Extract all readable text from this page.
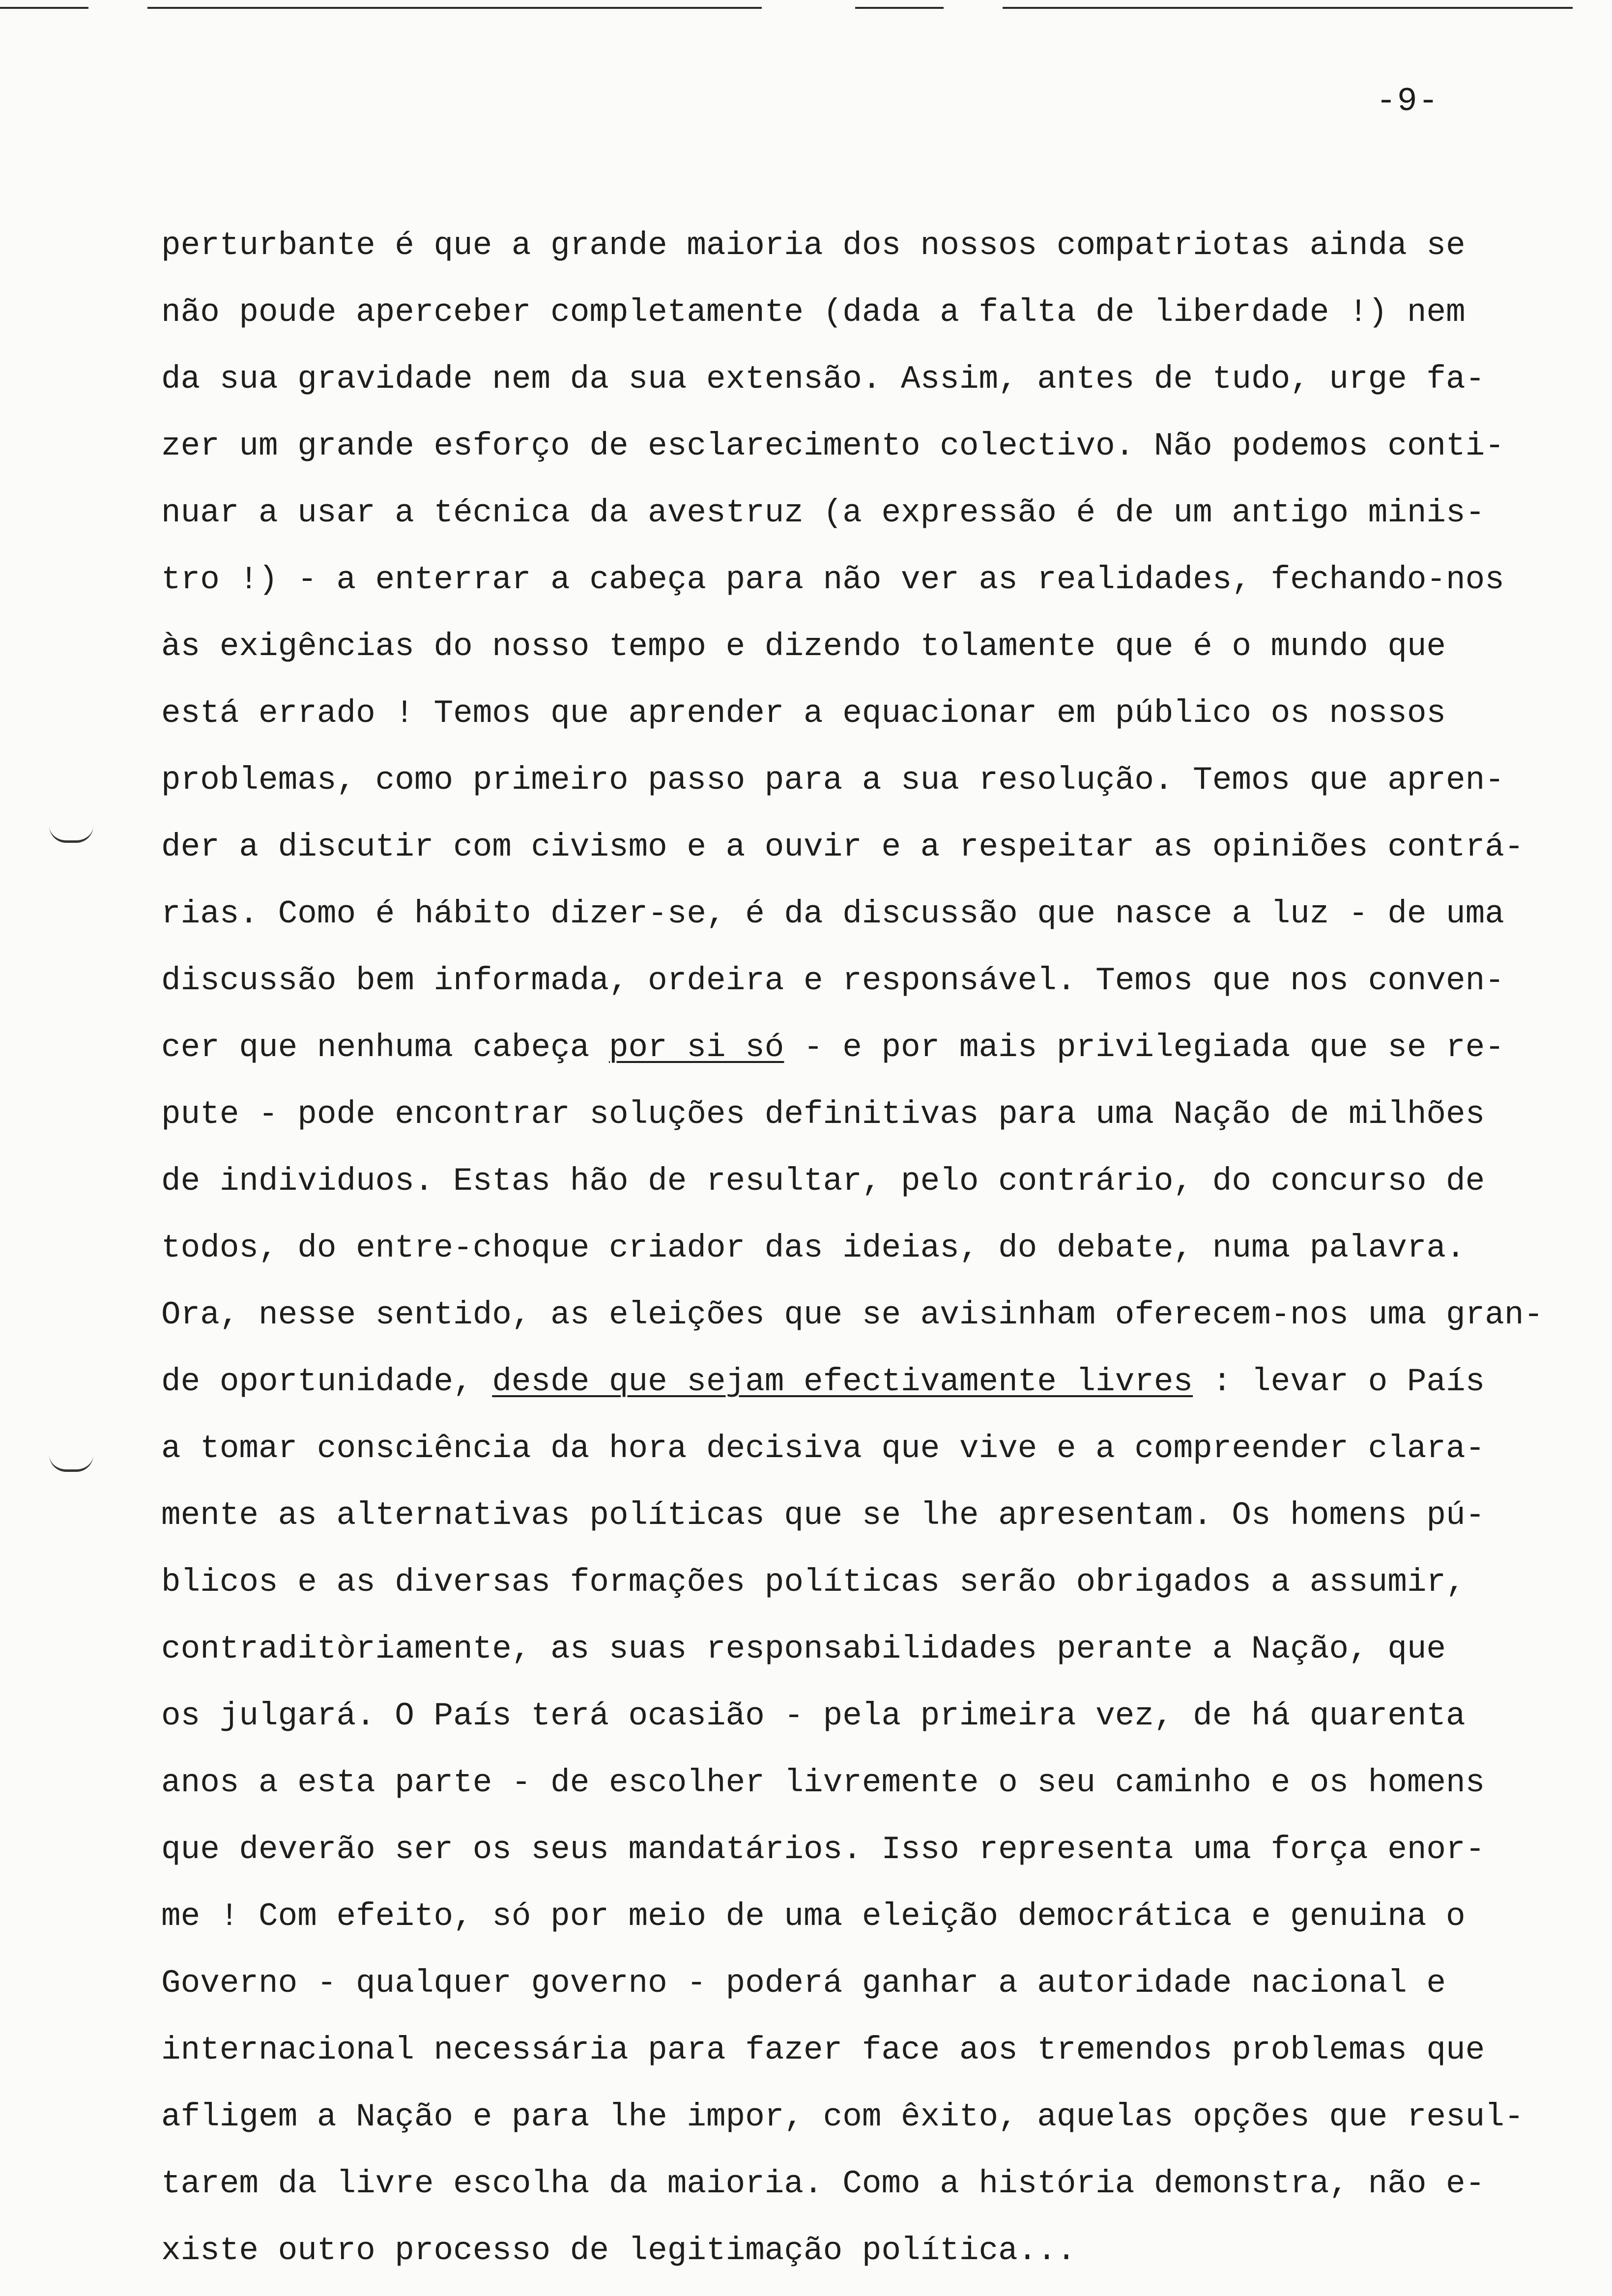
-9-
perturbante é que a grande maioria dos nossos compatriotas ainda se
não poude aperceber completamente (dada a falta de liberdade !) nem
da sua gravidade nem da sua extensão. Assim, antes de tudo, urge fa-
zer um grande esforço de esclarecimento colectivo. Não podemos conti-
nuar a usar a técnica da avestruz (a expressão é de um antigo minis-
tro !) - a enterrar a cabeça para não ver as realidades, fechando-nos
às exigências do nosso tempo e dizendo tolamente que é o mundo que
está errado ! Temos que aprender a equacionar em público os nossos
problemas, como primeiro passo para a sua resolução. Temos que apren-
der a discutir com civismo e a ouvir e a respeitar as opiniões contrá-
rias. Como é hábito dizer-se, é da discussão que nasce a luz - de uma
discussão bem informada, ordeira e responsável. Temos que nos conven-
cer que nenhuma cabeça por si só - e por mais privilegiada que se re-
pute - pode encontrar soluções definitivas para uma Nação de milhões
de individuos. Estas hão de resultar, pelo contrário, do concurso de
todos, do entre-choque criador das ideias, do debate, numa palavra.
Ora, nesse sentido, as eleições que se avisinham oferecem-nos uma gran-
de oportunidade, desde que sejam efectivamente livres : levar o País
a tomar consciência da hora decisiva que vive e a compreender clara-
mente as alternativas políticas que se lhe apresentam. Os homens pú-
blicos e as diversas formações políticas serão obrigados a assumir,
contraditòriamente, as suas responsabilidades perante a Nação, que
os julgará. O País terá ocasião - pela primeira vez, de há quarenta
anos a esta parte - de escolher livremente o seu caminho e os homens
que deverão ser os seus mandatários. Isso representa uma força enor-
me ! Com efeito, só por meio de uma eleição democrática e genuina o
Governo - qualquer governo - poderá ganhar a autoridade nacional e
internacional necessária para fazer face aos tremendos problemas que
afligem a Nação e para lhe impor, com êxito, aquelas opções que resul-
tarem da livre escolha da maioria. Como a história demonstra, não e-
xiste outro processo de legitimação política...
